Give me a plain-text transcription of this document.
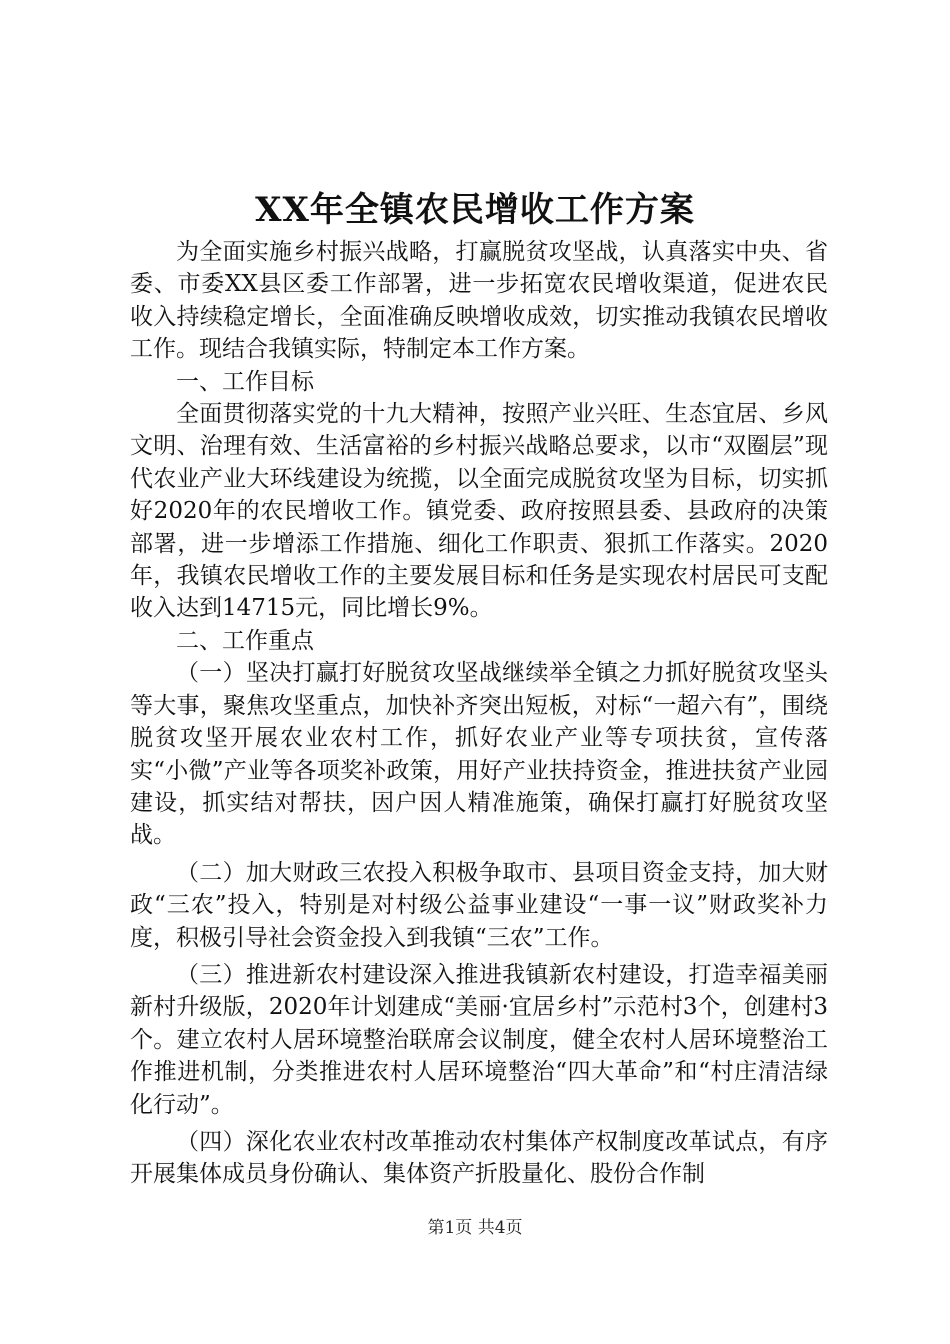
XX年全镇农民增收工作方案

为全面实施乡村振兴战略，打赢脱贫攻坚战，认真落实中央、省委、市委XX县区委工作部署，进一步拓宽农民增收渠道，促进农民收入持续稳定增长，全面准确反映增收成效，切实推动我镇农民增收工作。现结合我镇实际，特制定本工作方案。

一、工作目标

全面贯彻落实党的十九大精神，按照产业兴旺、生态宜居、乡风文明、治理有效、生活富裕的乡村振兴战略总要求，以市“双圈层”现代农业产业大环线建设为统揽，以全面完成脱贫攻坚为目标，切实抓好2020年的农民增收工作。镇党委、政府按照县委、县政府的决策部署，进一步增添工作措施、细化工作职责、狠抓工作落实。2020年，我镇农民增收工作的主要发展目标和任务是实现农村居民可支配收入达到14715元，同比增长9%。

二、工作重点

（一）坚决打赢打好脱贫攻坚战继续举全镇之力抓好脱贫攻坚头等大事，聚焦攻坚重点，加快补齐突出短板，对标“一超六有”，围绕脱贫攻坚开展农业农村工作，抓好农业产业等专项扶贫，宣传落实“小微”产业等各项奖补政策，用好产业扶持资金，推进扶贫产业园建设，抓实结对帮扶，因户因人精准施策，确保打赢打好脱贫攻坚战。

（二）加大财政三农投入积极争取市、县项目资金支持，加大财政“三农”投入，特别是对村级公益事业建设“一事一议”财政奖补力度，积极引导社会资金投入到我镇“三农”工作。

（三）推进新农村建设深入推进我镇新农村建设，打造幸福美丽新村升级版，2020年计划建成“美丽·宜居乡村”示范村3个，创建村3个。建立农村人居环境整治联席会议制度，健全农村人居环境整治工作推进机制，分类推进农村人居环境整治“四大革命”和“村庄清洁绿化行动”。

（四）深化农业农村改革推动农村集体产权制度改革试点，有序开展集体成员身份确认、集体资产折股量化、股份合作制

第1页 共4页
